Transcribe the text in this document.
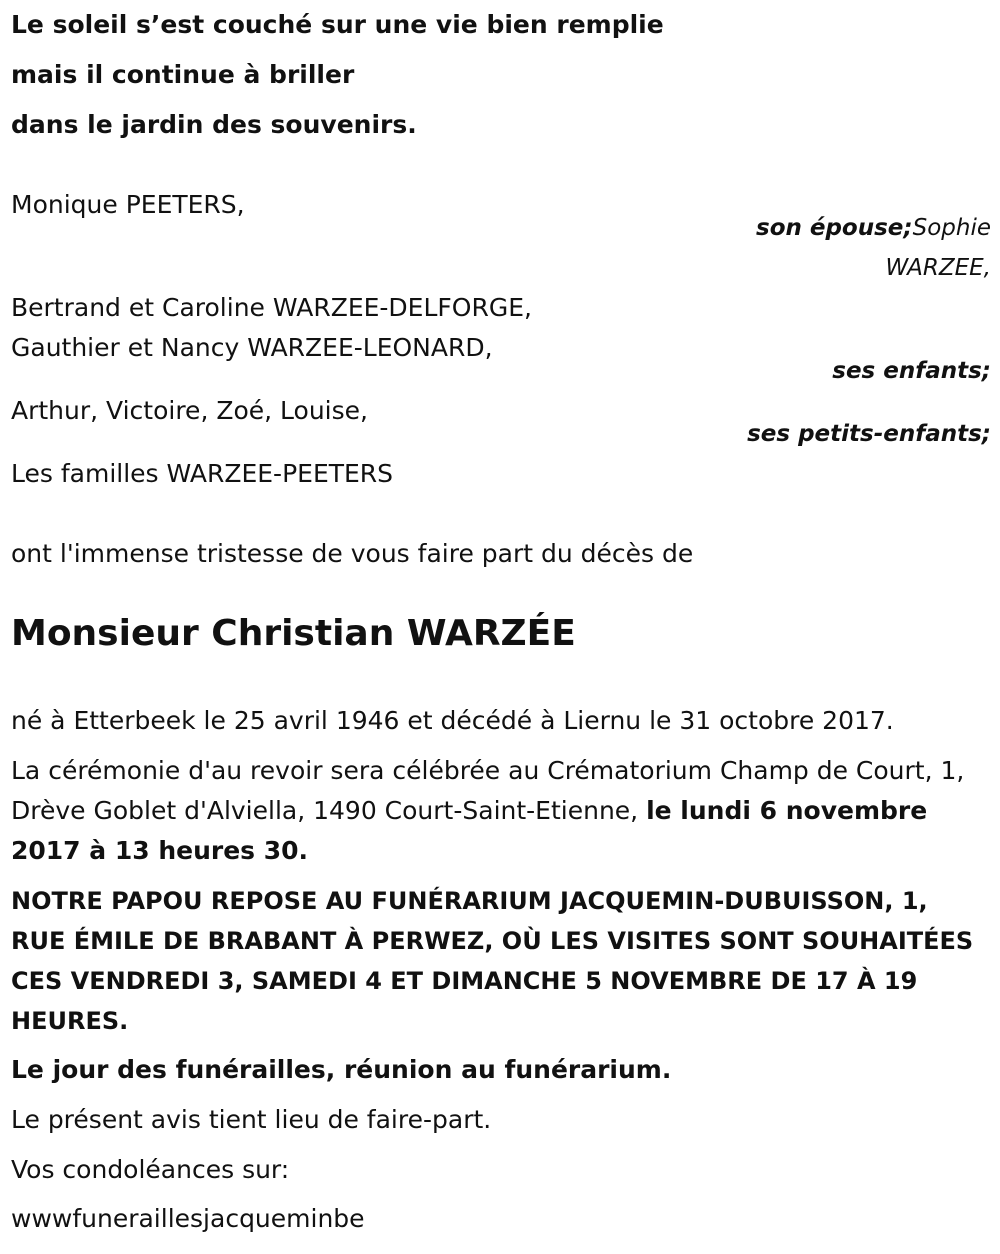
Le soleil s’est couché sur une vie bien remplie
mais il continue à briller
dans le jardin des souvenirs.
Monique PEETERS,
son épouse;Sophie
WARZEE,
Bertrand et Caroline WARZEE-DELFORGE,
Gauthier et Nancy WARZEE-LEONARD,
ses enfants;
Arthur, Victoire, Zoé, Louise,
ses petits-enfants;
Les familles WARZEE-PEETERS
ont l'immense tristesse de vous faire part du décès de
Monsieur Christian WARZÉE
né à Etterbeek le 25 avril 1946 et décédé à Liernu le 31 octobre 2017.
La cérémonie d'au revoir sera célébrée au Crématorium Champ de Court, 1, Drève Goblet d'Alviella, 1490 Court-Saint-Etienne, le lundi 6 novembre 2017 à 13 heures 30.
NOTRE PAPOU REPOSE AU FUNÉRARIUM JACQUEMIN-DUBUISSON, 1, RUE ÉMILE DE BRABANT À PERWEZ, OÙ LES VISITES SONT SOUHAITÉES CES VENDREDI 3, SAMEDI 4 ET DIMANCHE 5 NOVEMBRE DE 17 À 19 HEURES.
Le jour des funérailles, réunion au funérarium.
Le présent avis tient lieu de faire-part.
Vos condoléances sur:
wwwfuneraillesjacqueminbe
